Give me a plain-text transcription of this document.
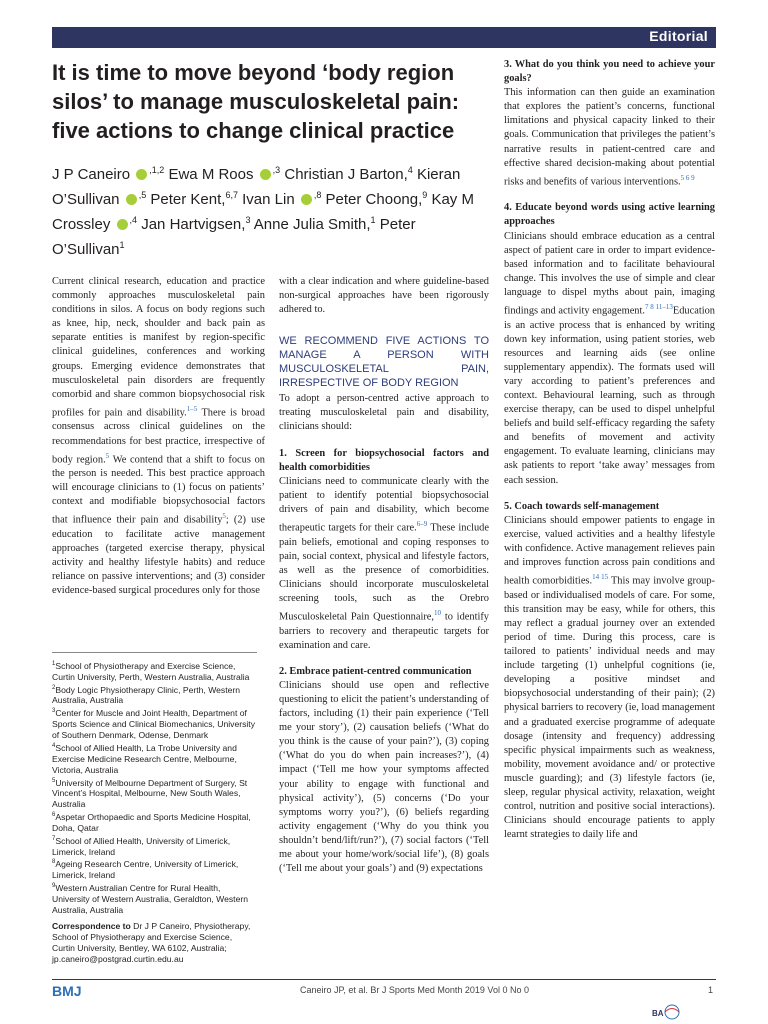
Editorial
It is time to move beyond ‘body region silos’ to manage musculoskeletal pain: five actions to change clinical practice
J P Caneiro $^{,1,2}$ Ewa M Roos $^{,3}$ Christian J Barton,$^4$ Kieran O’Sullivan $^{,5}$ Peter Kent,$^{6,7}$ Ivan Lin $^{,8}$ Peter Choong,$^9$ Kay M Crossley $^{,4}$ Jan Hartvigsen,$^3$ Anne Julia Smith,$^1$ Peter O’Sullivan$^1$

Current clinical research, education and practice commonly approaches musculoskeletal pain conditions in silos. A focus on body regions such as knee, hip, neck, shoulder and back pain as separate entities is manifest by region-specific clinical guidelines, conferences and working groups. Emerging evidence demonstrates that musculoskeletal pain disorders are frequently comorbid and share common biopsychosocial risk profiles for pain and disability.$^{1-5}$ There is broad consensus across clinical guidelines on the recommendations for best practice, irrespective of body region.$^5$ We contend that a shift to focus on the person is needed. This best practice approach will encourage clinicians to (1) focus on patients’ context and modifiable biopsychosocial factors that influence their pain and disability$^5$; (2) use education to facilitate active management approaches (targeted exercise therapy, physical activity and healthy lifestyle habits) and reduce reliance on passive interventions; and (3) consider evidence-based surgical procedures only for those

$^1$School of Physiotherapy and Exercise Science, Curtin University, Perth, Western Australia, Australia
$^2$Body Logic Physiotherapy Clinic, Perth, Western Australia, Australia
$^3$Center for Muscle and Joint Health, Department of Sports Science and Clinical Biomechanics, University of Southern Denmark, Odense, Denmark
$^4$School of Allied Health, La Trobe University and Exercise Medicine Research Centre, Melbourne, Victoria, Australia
$^5$University of Melbourne Department of Surgery, St Vincent’s Hospital, Melbourne, New South Wales, Australia
$^6$Aspetar Orthopaedic and Sports Medicine Hospital, Doha, Qatar
$^7$School of Allied Health, University of Limerick, Limerick, Ireland
$^8$Ageing Research Centre, University of Limerick, Limerick, Ireland
$^9$Western Australian Centre for Rural Health, University of Western Australia, Geraldton, Western Australia, Australia
Correspondence to Dr J P Caneiro, Physiotherapy, School of Physiotherapy and Exercise Science, Curtin University, Bentley, WA 6102, Australia; jp.caneiro@postgrad.curtin.edu.au

with a clear indication and where guideline-based non-surgical approaches have been rigorously adhered to.

WE RECOMMEND FIVE ACTIONS TO MANAGE A PERSON WITH MUSCULOSKELETAL PAIN, IRRESPECTIVE OF BODY REGION

To adopt a person-centred active approach to treating musculoskeletal pain and disability, clinicians should:

1. Screen for biopsychosocial factors and health comorbidities

Clinicians need to communicate clearly with the patient to identify potential biopsychosocial drivers of pain and disability, which become therapeutic targets for their care.$^{6-9}$ These include pain beliefs, emotional and coping responses to pain, social context, physical and lifestyle factors, as well as the presence of comorbidities. Clinicians should incorporate musculoskeletal screening tools, such as the Orebro Musculoskeletal Pain Questionnaire,$^{10}$ to identify barriers to recovery and therapeutic targets for examination and care.

2. Embrace patient-centred communication

Clinicians should use open and reflective questioning to elicit the patient’s understanding of factors, including (1) their pain experience (‘Tell me your story’), (2) causation beliefs (‘What do you think is the cause of your pain?’), (3) coping (‘What do you do when pain increases?’), (4) impact (‘Tell me how your symptoms affected your ability to engage with functional and physical activity’), (5) concerns (‘Do your symptoms worry you?’), (6) beliefs regarding activity engagement (‘Why do you think you shouldn’t bend/lift/run?’), (7) social factors (‘Tell me about your home/work/social life’), (8) goals (‘Tell me about your goals’) and (9) expectations

3. What do you think you need to achieve your goals?

This information can then guide an examination that explores the patient’s concerns, functional limitations and physical capacity linked to their goals. Communication that privileges the patient’s narrative results in patient-centred care and effective shared decision-making about potential risks and benefits of various interventions.$^{5 6 9}$

4. Educate beyond words using active learning approaches

Clinicians should embrace education as a central aspect of patient care in order to impart evidence-based information and to facilitate behavioural change. This involves the use of simple and clear language to dispel myths about pain, imaging findings and activity engagement.$^{7 8 11-13}$Education is an active process that is enhanced by writing down key information, using patient stories, web resources and learning aids (see online supplementary appendix). The formats used will vary according to patient’s preferences and context. Behavioural learning, such as through exercise therapy, can be used to dispel unhelpful beliefs and build self-efficacy regarding the safety and benefits of movement and activity engagement. To evaluate learning, clinicians may ask patients to report ‘take away’ messages from each session.

5. Coach towards self-management

Clinicians should empower patients to engage in exercise, valued activities and a healthy lifestyle with confidence. Active management relieves pain and improves function across pain conditions and health comorbidities.$^{14 15}$ This may involve group-based or individualised models of care. For some, this transition may be easy, while for others, this may reflect a gradual journey over an extended period of time. During this process, care is tailored to patients’ individual needs and may include targeting (1) unhelpful cognitions (ie, developing a positive mindset and biopsychosocial understanding of their pain); (2) physical barriers to recovery (ie, load management and a graduated exercise programme of adequate dosage (intensity and frequency) addressing specific physical impairments such as weakness, mobility, movement avoidance and/ or protective muscle guarding); and (3) lifestyle factors (ie, sleep, regular physical activity, relaxation, weight control, nutrition and positive social interactions). Clinicians should encourage patients to apply learnt strategies to daily life and

BMJ	Caneiro JP, et al. Br J Sports Med Month 2019 Vol 0 No 0	1
BA
